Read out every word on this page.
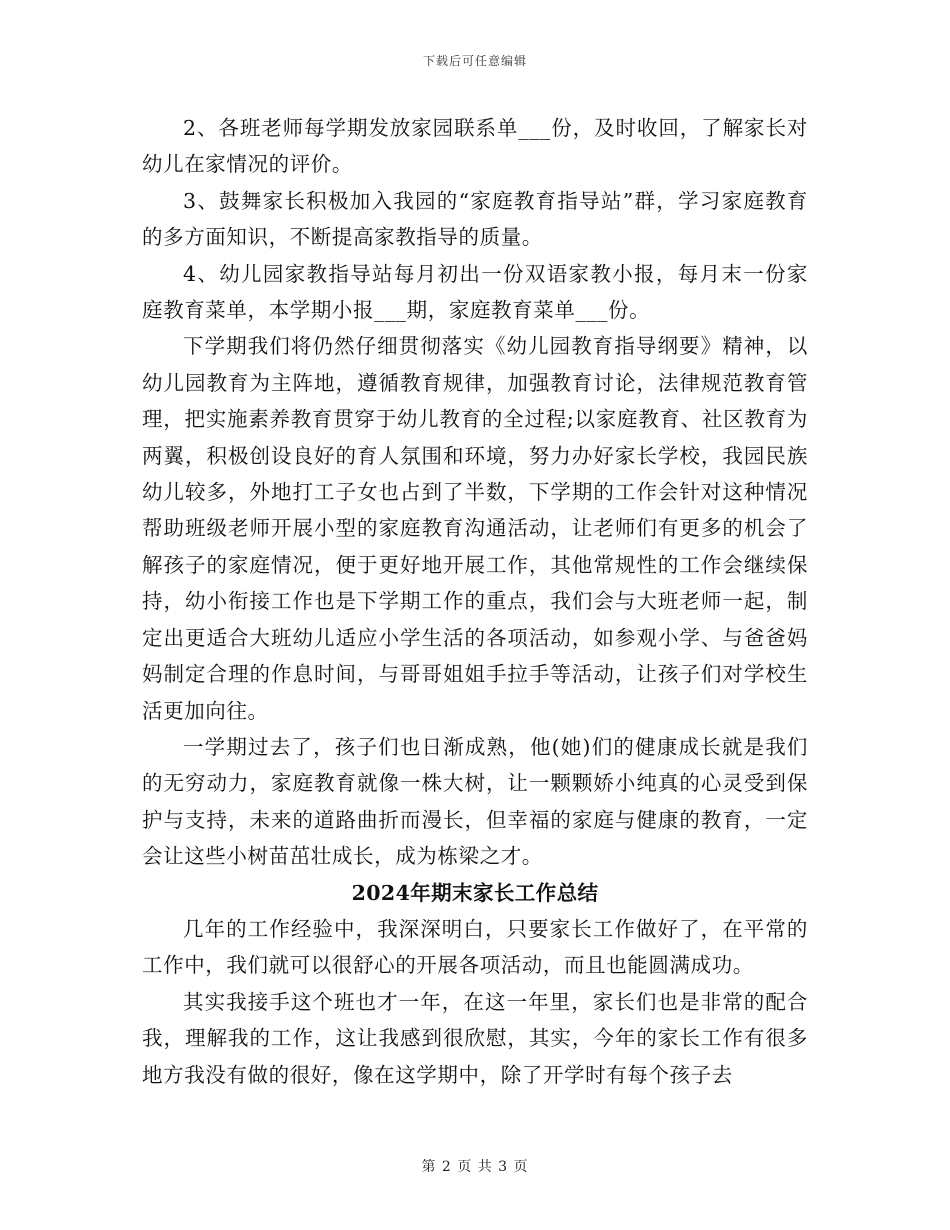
下载后可任意编辑

2、各班老师每学期发放家园联系单___份，及时收回，了解家长对幼儿在家情况的评价。

3、鼓舞家长积极加入我园的“家庭教育指导站”群，学习家庭教育的多方面知识，不断提高家教指导的质量。

4、幼儿园家教指导站每月初出一份双语家教小报，每月末一份家庭教育菜单，本学期小报___期，家庭教育菜单___份。

下学期我们将仍然仔细贯彻落实《幼儿园教育指导纲要》精神，以幼儿园教育为主阵地，遵循教育规律，加强教育讨论，法律规范教育管理，把实施素养教育贯穿于幼儿教育的全过程;以家庭教育、社区教育为两翼，积极创设良好的育人氛围和环境，努力办好家长学校，我园民族幼儿较多，外地打工子女也占到了半数，下学期的工作会针对这种情况帮助班级老师开展小型的家庭教育沟通活动，让老师们有更多的机会了解孩子的家庭情况，便于更好地开展工作，其他常规性的工作会继续保持，幼小衔接工作也是下学期工作的重点，我们会与大班老师一起，制定出更适合大班幼儿适应小学生活的各项活动，如参观小学、与爸爸妈妈制定合理的作息时间，与哥哥姐姐手拉手等活动，让孩子们对学校生活更加向往。

一学期过去了，孩子们也日渐成熟，他(她)们的健康成长就是我们的无穷动力，家庭教育就像一株大树，让一颗颗娇小纯真的心灵受到保护与支持，未来的道路曲折而漫长，但幸福的家庭与健康的教育，一定会让这些小树苗茁壮成长，成为栋梁之才。

2024年期末家长工作总结

几年的工作经验中，我深深明白，只要家长工作做好了，在平常的工作中，我们就可以很舒心的开展各项活动，而且也能圆满成功。

其实我接手这个班也才一年，在这一年里，家长们也是非常的配合我，理解我的工作，这让我感到很欣慰，其实，今年的家长工作有很多地方我没有做的很好，像在这学期中，除了开学时有每个孩子去

第 2 页 共 3 页
